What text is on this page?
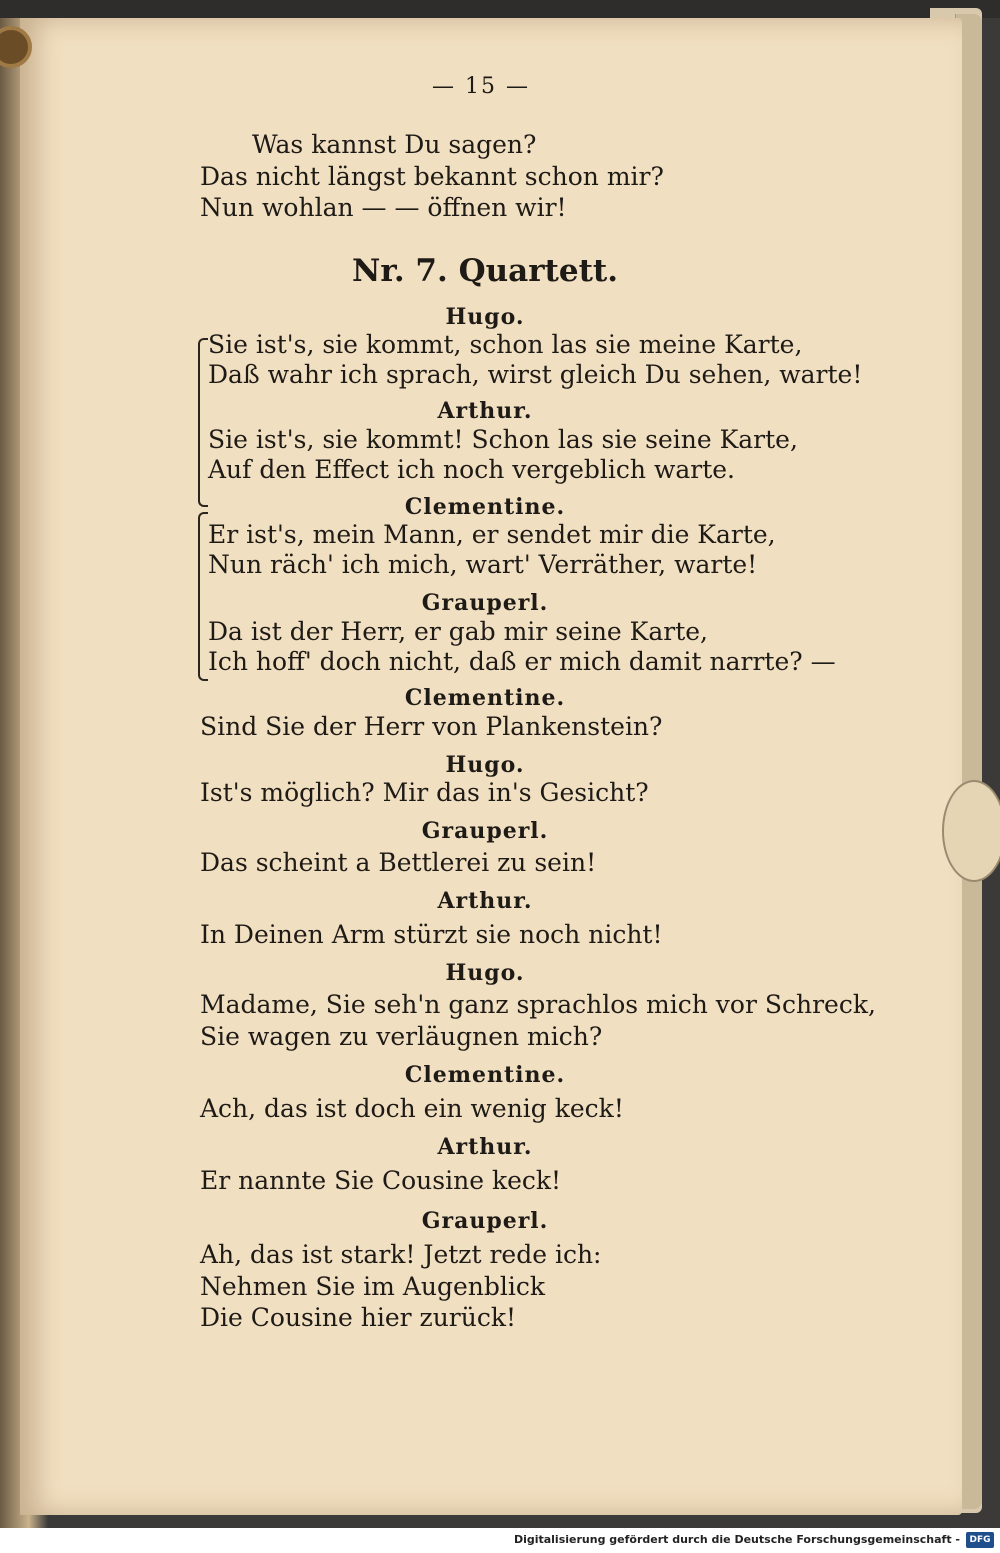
— 15 —
Was kannst Du sagen?
Das nicht längst bekannt schon mir?
Nun wohlan — — öffnen wir!
Nr. 7. Quartett.
Hugo.
Sie ist's, sie kommt, schon las sie meine Karte,
Daß wahr ich sprach, wirst gleich Du sehen, warte!
Arthur.
Sie ist's, sie kommt! Schon las sie seine Karte,
Auf den Effect ich noch vergeblich warte.
Clementine.
Er ist's, mein Mann, er sendet mir die Karte,
Nun räch' ich mich, wart' Verräther, warte!
Grauperl.
Da ist der Herr, er gab mir seine Karte,
Ich hoff' doch nicht, daß er mich damit narrte? —
Clementine.
Sind Sie der Herr von Plankenstein?
Hugo.
Ist's möglich? Mir das in's Gesicht?
Grauperl.
Das scheint a Bettlerei zu sein!
Arthur.
In Deinen Arm stürzt sie noch nicht!
Hugo.
Madame, Sie seh'n ganz sprachlos mich vor Schreck,
Sie wagen zu verläugnen mich?
Clementine.
Ach, das ist doch ein wenig keck!
Arthur.
Er nannte Sie Cousine keck!
Grauperl.
Ah, das ist stark! Jetzt rede ich:
Nehmen Sie im Augenblick
Die Cousine hier zurück!
Digitalisierung gefördert durch die Deutsche Forschungsgemeinschaft -	DFG
